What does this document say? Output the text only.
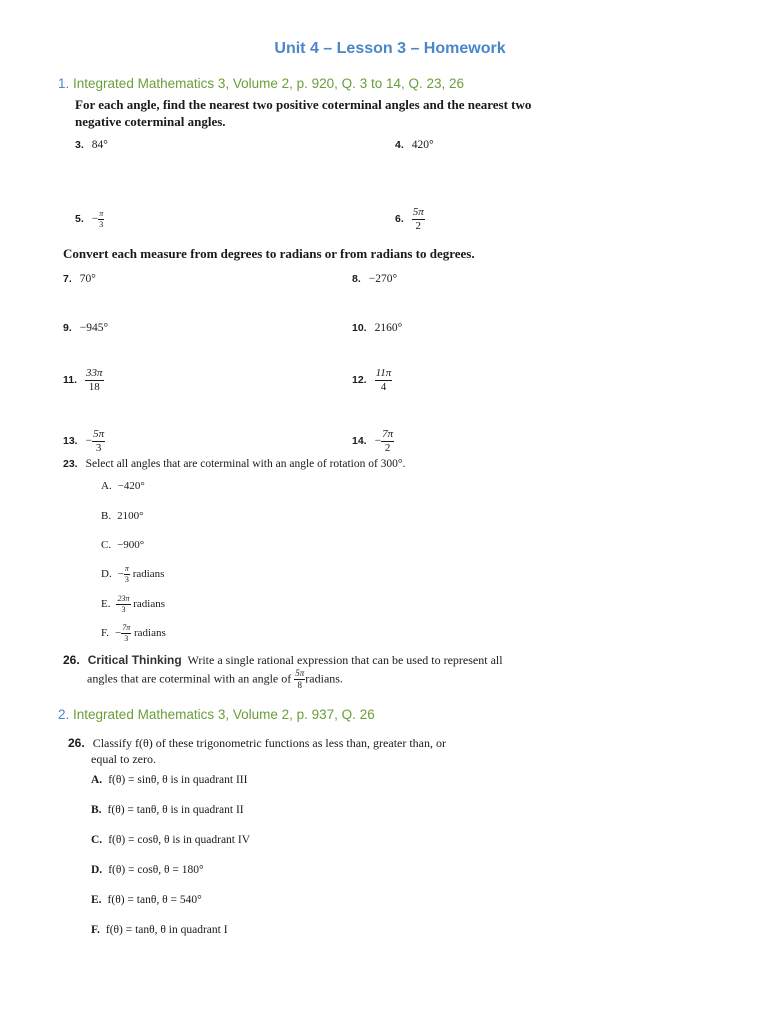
Unit 4 – Lesson 3 – Homework
1. Integrated Mathematics 3, Volume 2, p. 920, Q. 3 to 14, Q. 23, 26
For each angle, find the nearest two positive coterminal angles and the nearest two negative coterminal angles.
3. 84°	4. 420°
5. − $\frac{\pi}{3}$	6. $\frac{5\pi}{2}$
Convert each measure from degrees to radians or from radians to degrees.
7. 70°	8. −270°
9. −945°	10. 2160°
11. $\frac{33\pi}{18}$	12. $\frac{11\pi}{4}$
13. − $\frac{5\pi}{3}$	14. − $\frac{7\pi}{2}$
23. Select all angles that are coterminal with an angle of rotation of 300°.
A. −420°
B. 2100°
C. −900°
D. − $\frac{\pi}{3}$ radians
E. $\frac{23\pi}{3}$ radians
F. − $\frac{7\pi}{3}$ radians
26. Critical Thinking Write a single rational expression that can be used to represent all
angles that are coterminal with an angle of $\frac{5\pi}{8}$ radians.
2. Integrated Mathematics 3, Volume 2, p. 937, Q. 26
26. Classify f(θ) of these trigonometric functions as less than, greater than, or
equal to zero.
A. f(θ) = sinθ, θ is in quadrant III
B. f(θ) = tanθ, θ is in quadrant II
C. f(θ) = cosθ, θ is in quadrant IV
D. f(θ) = cosθ, θ = 180°
E. f(θ) = tanθ, θ = 540°
F. f(θ) = tanθ, θ in quadrant I
